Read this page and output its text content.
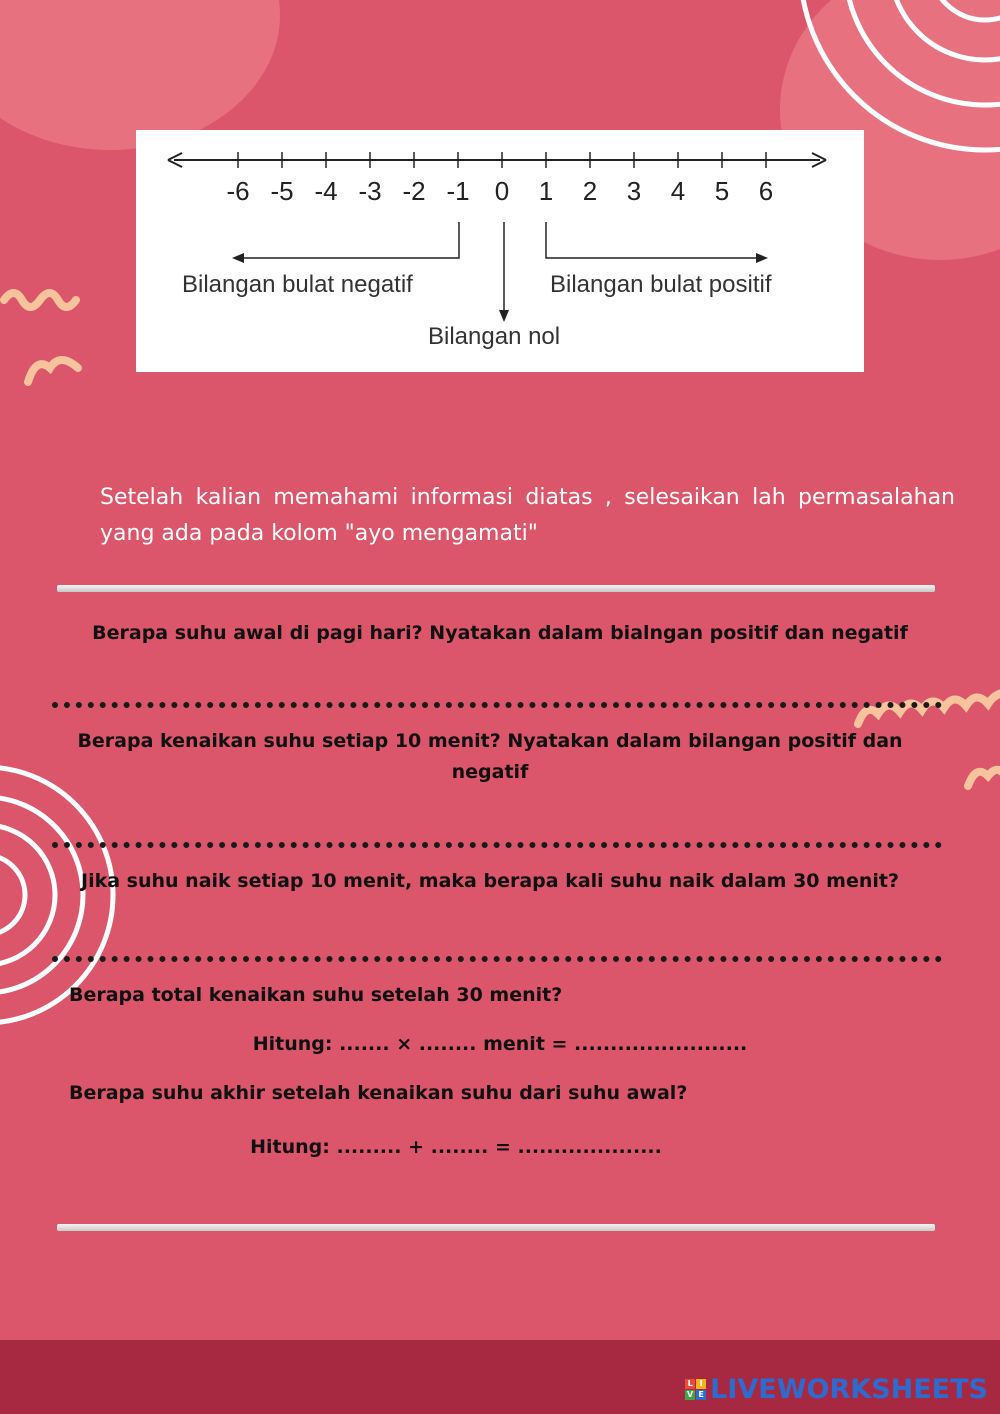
-6 -5 -4 -3 -2 -1 0 1 2 3 4 5 6
Bilangan bulat negatif	Bilangan bulat positif
Bilangan nol
Setelah kalian memahami informasi diatas , selesaikan lah permasalahan yang ada pada kolom "ayo mengamati"
Berapa suhu awal di pagi hari? Nyatakan dalam bialngan positif dan negatif
Berapa kenaikan suhu setiap 10 menit? Nyatakan dalam bilangan positif dan negatif
Jika suhu naik setiap 10 menit, maka berapa kali suhu naik dalam 30 menit?
Berapa total kenaikan suhu setelah 30 menit?
Hitung: ....... × ........ menit = ........................
Berapa suhu akhir setelah kenaikan suhu dari suhu awal?
Hitung: ......... + ........ = ....................
L I
V E LIVEWORKSHEETS
